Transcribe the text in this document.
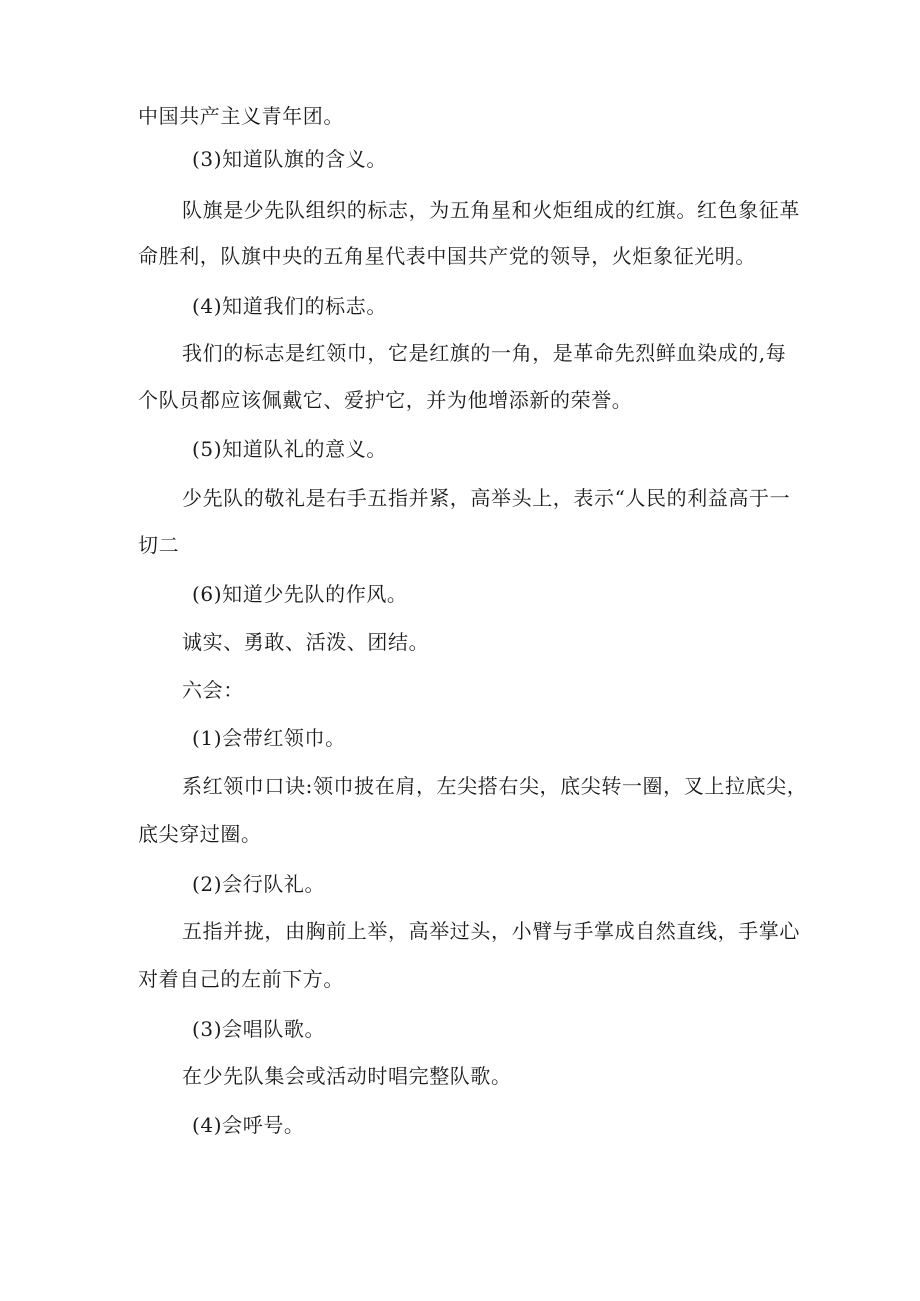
中国共产主义青年团。
(3)知道队旗的含义。
队旗是少先队组织的标志，为五角星和火炬组成的红旗。红色象征革
命胜利，队旗中央的五角星代表中国共产党的领导，火炬象征光明。
(4)知道我们的标志。
我们的标志是红领巾，它是红旗的一角，是革命先烈鲜血染成的,每
个队员都应该佩戴它、爱护它，并为他增添新的荣誉。
(5)知道队礼的意义。
少先队的敬礼是右手五指并紧，高举头上，表示“人民的利益高于一
切二
(6)知道少先队的作风。
诚实、勇敢、活泼、团结。
六会：
(1)会带红领巾。
系红领巾口诀:领巾披在肩，左尖搭右尖，底尖转一圈，叉上拉底尖，
底尖穿过圈。
(2)会行队礼。
五指并拢，由胸前上举，高举过头，小臂与手掌成自然直线，手掌心
对着自己的左前下方。
(3)会唱队歌。
在少先队集会或活动时唱完整队歌。
(4)会呼号。
